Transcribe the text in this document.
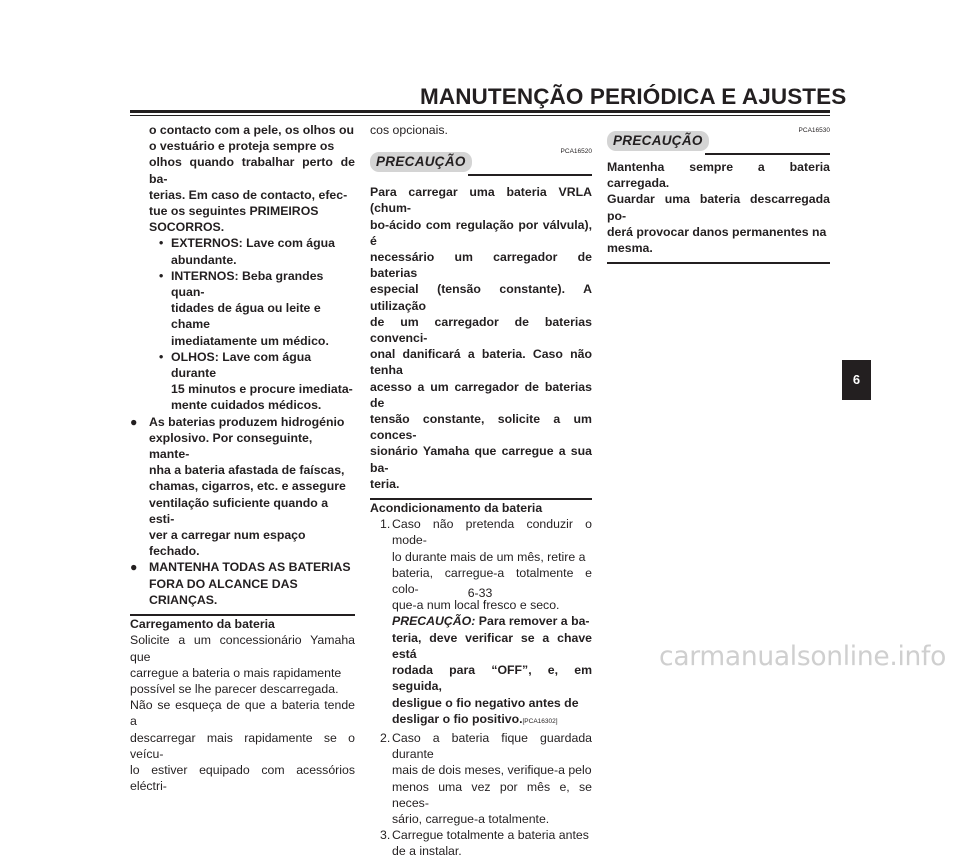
MANUTENÇÃO PERIÓDICA E AJUSTES

o contacto com a pele, os olhos ou

o vestuário e proteja sempre os

olhos quando trabalhar perto de ba-

terias. Em caso de contacto, efec-

tue os seguintes PRIMEIROS

SOCORROS.

• EXTERNOS: Lave com água

abundante.

• INTERNOS: Beba grandes quan-

tidades de água ou leite e chame

imediatamente um médico.

• OLHOS: Lave com água durante

15 minutos e procure imediata-

mente cuidados médicos.

● As baterias produzem hidrogénio

explosivo. Por conseguinte, mante-

nha a bateria afastada de faíscas,

chamas, cigarros, etc. e assegure

ventilação suficiente quando a esti-

ver a carregar num espaço fechado.

● MANTENHA TODAS AS BATERIAS

FORA DO ALCANCE DAS

CRIANÇAS.

Carregamento da bateria

Solicite a um concessionário Yamaha que

carregue a bateria o mais rapidamente

possível se lhe parecer descarregada.

Não se esqueça de que a bateria tende a

descarregar mais rapidamente se o veícu-

lo estiver equipado com acessórios eléctri-

cos opcionais.

PRECAUÇÃO
PCA16520

Para carregar uma bateria VRLA (chum-

bo-ácido com regulação por válvula), é

necessário um carregador de baterias

especial (tensão constante). A utilização

de um carregador de baterias convenci-

onal danificará a bateria. Caso não tenha

acesso a um carregador de baterias de

tensão constante, solicite a um conces-

sionário Yamaha que carregue a sua ba-

teria.

Acondicionamento da bateria

1. Caso não pretenda conduzir o mode-

lo durante mais de um mês, retire a

bateria, carregue-a totalmente e colo-

que-a num local fresco e seco.

PRECAUÇÃO: Para remover a ba-

teria, deve verificar se a chave está

rodada para “OFF”, e, em seguida,

desligue o fio negativo antes de

desligar o fio positivo.[PCA16302]

2. Caso a bateria fique guardada durante

mais de dois meses, verifique-a pelo

menos uma vez por mês e, se neces-

sário, carregue-a totalmente.

3. Carregue totalmente a bateria antes

de a instalar.

PRECAUÇÃO
PCA16530

Mantenha sempre a bateria carregada.

Guardar uma bateria descarregada po-

derá provocar danos permanentes na

mesma.

6-33
6
carmanualsonline.info
